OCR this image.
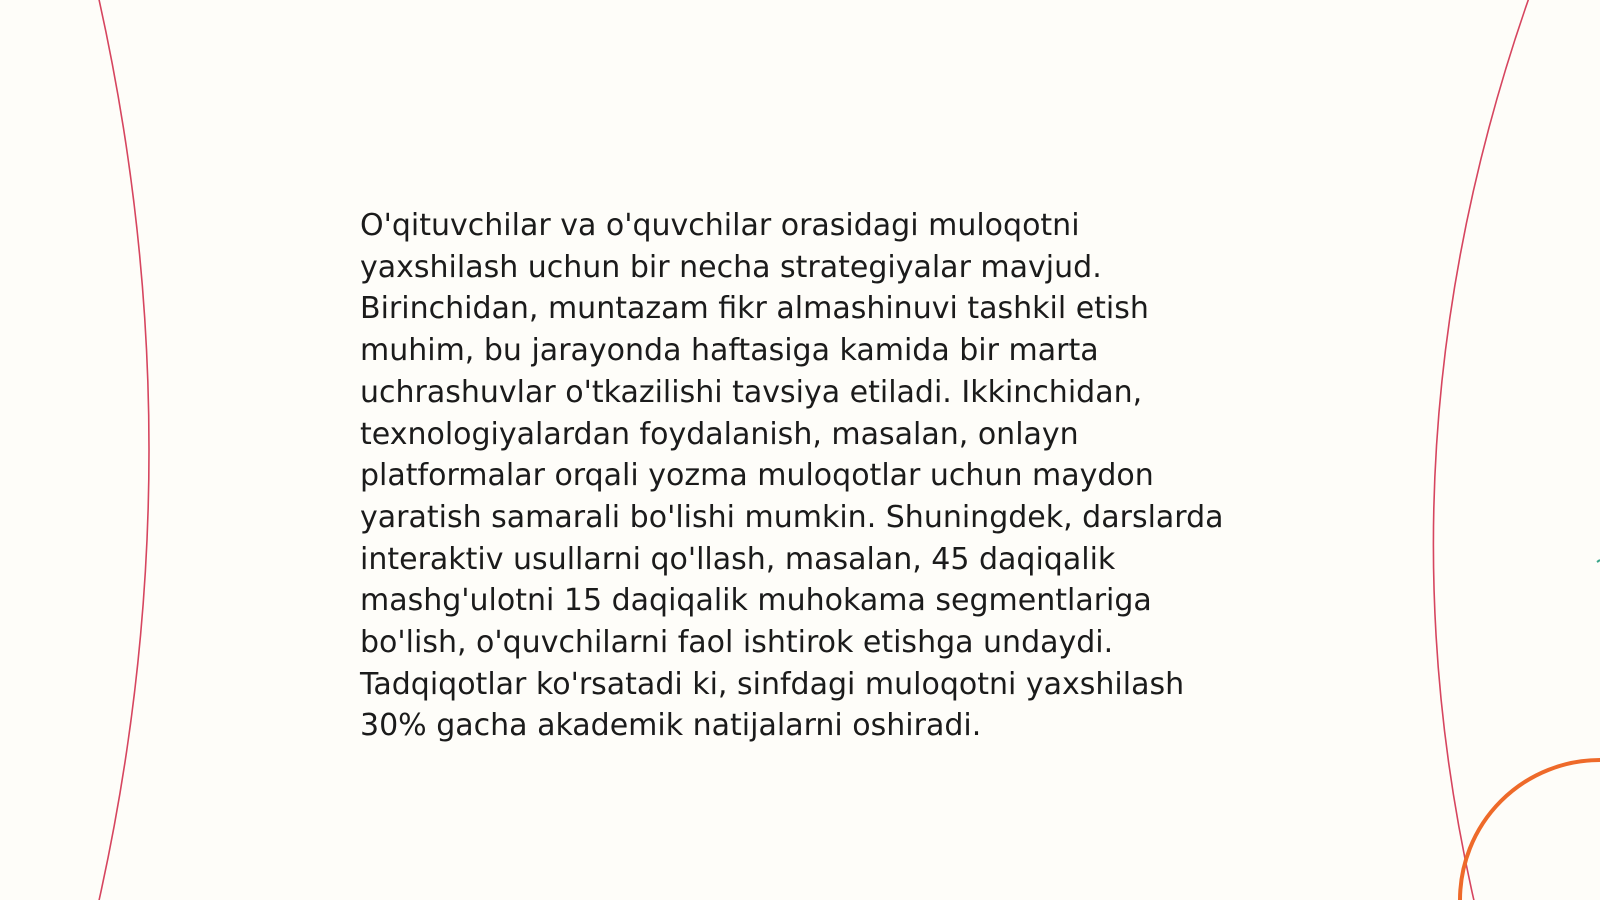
O'qituvchilar va o'quvchilar orasidagi muloqotni yaxshilash uchun bir necha strategiyalar mavjud. Birinchidan, muntazam fikr almashinuvi tashkil etish muhim, bu jarayonda haftasiga kamida bir marta uchrashuvlar o'tkazilishi tavsiya etiladi. Ikkinchidan, texnologiyalardan foydalanish, masalan, onlayn platformalar orqali yozma muloqotlar uchun maydon yaratish samarali bo'lishi mumkin. Shuningdek, darslarda interaktiv usullarni qo'llash, masalan, 45 daqiqalik mashg'ulotni 15 daqiqalik muhokama segmentlariga bo'lish, o'quvchilarni faol ishtirok etishga undaydi. Tadqiqotlar ko'rsatadi ki, sinfdagi muloqotni yaxshilash 30% gacha akademik natijalarni oshiradi.
